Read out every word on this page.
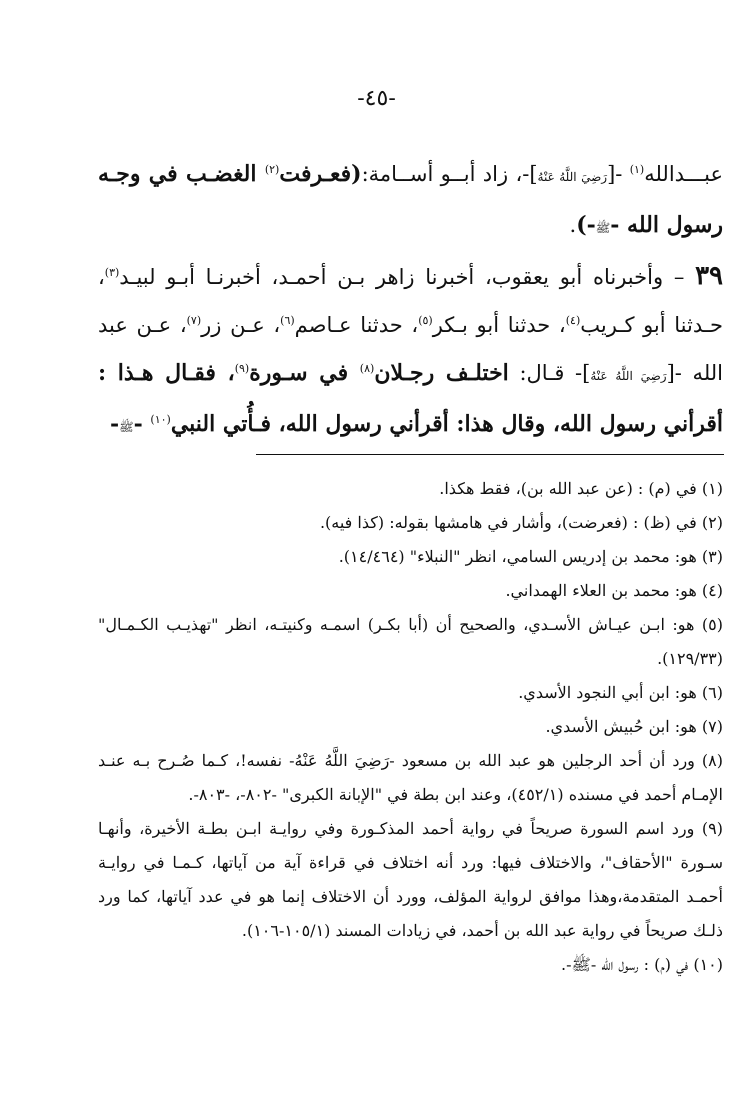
-٤٥-

عبـــدالله$^{(١)}$ -[رَضِيَ اللَّهُ عَنْهُ]-، زاد أبــو أســامة:(فعـرفت$^{(٢)}$ الغضـب في وجـه رسول الله -ﷺ-).

٣٩ – وأخبرناه أبو يعقوب، أخبرنا زاهر بـن أحمـد، أخبرنـا أبـو لبيـد$^{(٣)}$، حـدثنا أبو كـريب$^{(٤)}$، حدثنا أبو بـكر$^{(٥)}$، حدثنا عـاصم$^{(٦)}$، عـن زر$^{(٧)}$، عـن عبد الله -[رَضِيَ اللَّهُ عَنْهُ]- قـال: اختلـف رجـلان$^{(٨)}$ في سـورة$^{(٩)}$، فقـال هـذا : أقرأني رسول الله، وقال هذا: أقرأني رسول الله، فـأُتي النبي$^{(١٠)}$ -ﷺ-

(١) في (م) : (عن عبد الله بن)، فقط هكذا.

(٢) في (ظ) : (فعرضت)، وأشار في هامشها بقوله: (كذا فيه).

(٣) هو: محمد بن إدريس السامي، انظر "النبلاء" (١٤/٤٦٤).

(٤) هو: محمد بن العلاء الهمداني.

(٥) هو: ابـن عيـاش الأسـدي، والصحيح أن (أبا بكـر) اسمـه وكنيتـه، انظر "تهذيـب الكـمـال" (١٢٩/٣٣).

(٦) هو: ابن أبي النجود الأسدي.

(٧) هو: ابن حُبيش الأسدي.

(٨) ورد أن أحد الرجلين هو عبد الله بن مسعود -رَضِيَ اللَّهُ عَنْهُ- نفسه!، كـما صُـرح بـه عنـد الإمـام أحمد في مسنده (٤٥٢/١)، وعند ابن بطة في "الإبانة الكبرى" -٨٠٢-، -٨٠٣-.

(٩) ورد اسم السورة صريحاً في رواية أحمد المذكـورة وفي روايـة ابـن بطـة الأخيرة، وأنهـا سـورة "الأحقاف"، والاختلاف فيها: ورد أنه اختلاف في قراءة آية من آياتها، كـمـا في روايـة أحمـد المتقدمة،وهذا موافق لرواية المؤلف، وورد أن الاختلاف إنما هو في عدد آياتها، كما ورد ذلـك صريحاً في رواية عبد الله بن أحمد، في زيادات المسند (١٠٥/١-١٠٦).

(١٠) في (م) : رسول الله -ﷺ-.
